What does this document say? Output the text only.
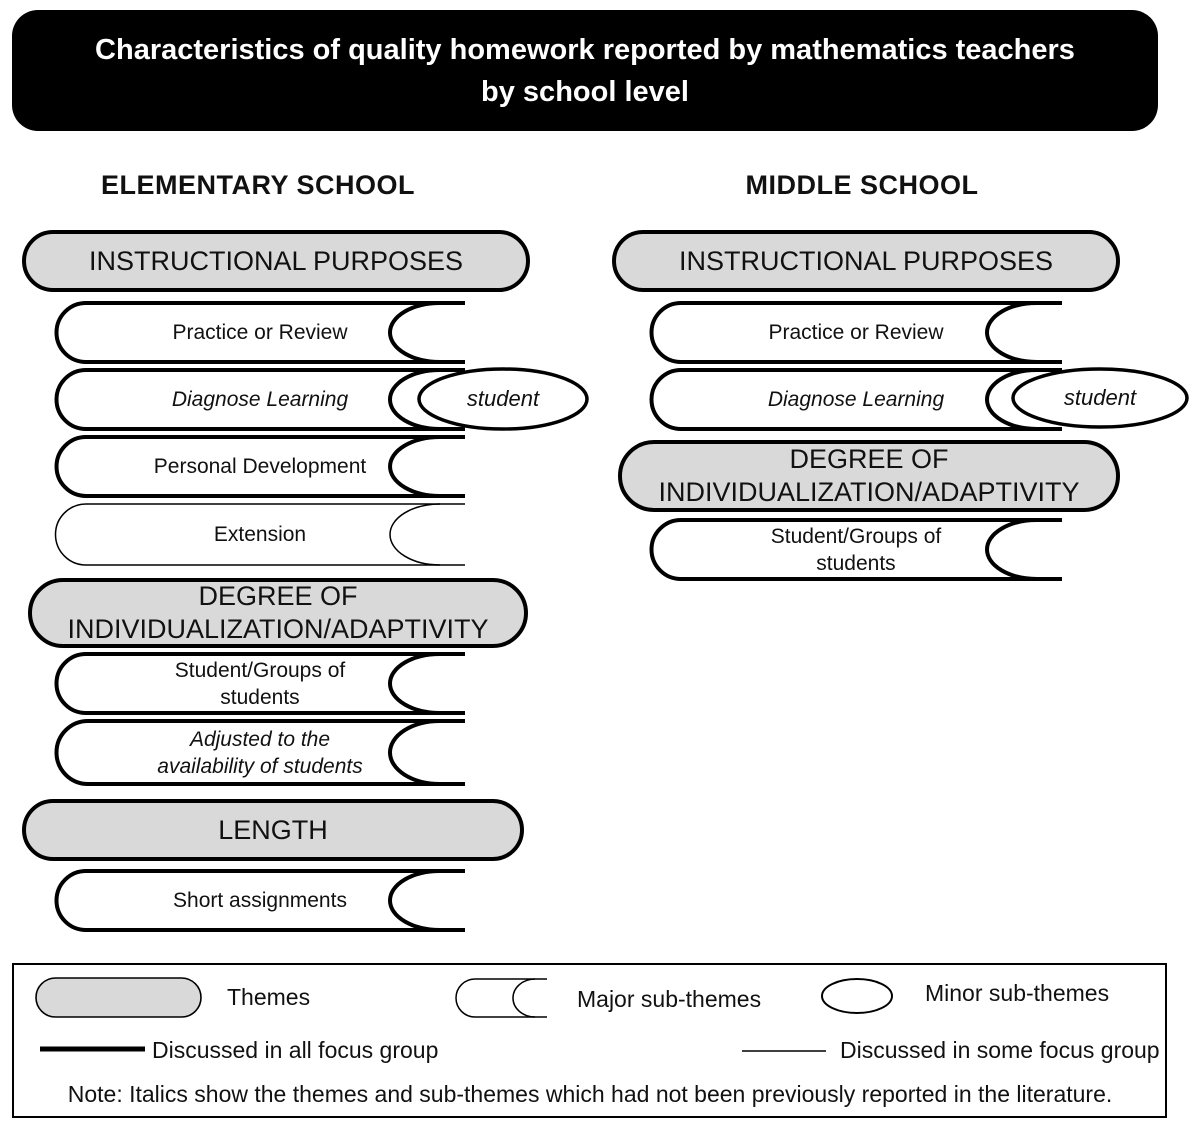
Characteristics of quality homework reported by mathematics teachers
by school level
ELEMENTARY SCHOOL	MIDDLE SCHOOL
INSTRUCTIONAL PURPOSES
Practice or Review
Diagnose Learning	student
Personal Development
Extension
DEGREE OF
INDIVIDUALIZATION/ADAPTIVITY
Student/Groups of
students
Adjusted to the
availability of students
LENGTH
Short assignments
INSTRUCTIONAL PURPOSES
Practice or Review
Diagnose Learning	student
DEGREE OF
INDIVIDUALIZATION/ADAPTIVITY
Student/Groups of
students
Themes	Major sub-themes	Minor sub-themes
Discussed in all focus group	Discussed in some focus group
Note: Italics show the themes and sub-themes which had not been previously reported in the literature.
